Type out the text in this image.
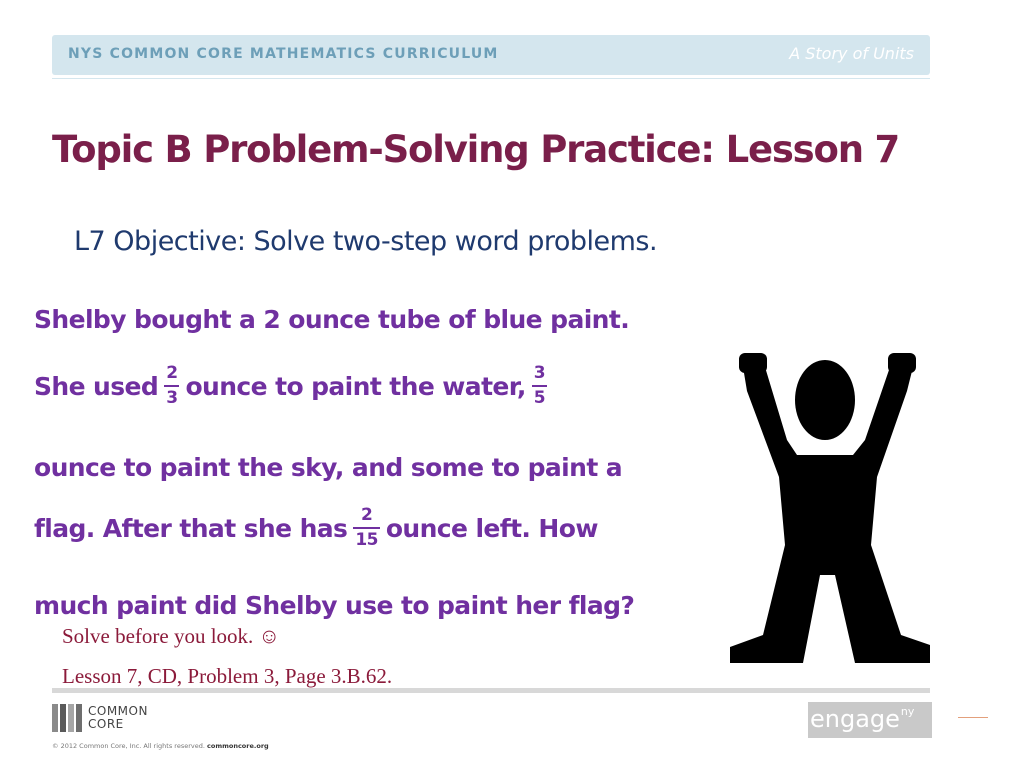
NYS COMMON CORE MATHEMATICS CURRICULUM	A Story of Units
Topic B Problem-Solving Practice: Lesson 7
L7 Objective: Solve two-step word problems.
Shelby bought a 2 ounce tube of blue paint.
She used $\frac{2}{3}$ ounce to paint the water, $\frac{3}{5}$
ounce to paint the sky, and some to paint a
flag. After that she has $\frac{2}{15}$ ounce left. How
much paint did Shelby use to paint her flag?
Solve before you look. ☺
Lesson 7, CD, Problem 3, Page 3.B.62.
COMMON
CORE
© 2012 Common Core, Inc. All rights reserved. commoncore.org
engage ny
